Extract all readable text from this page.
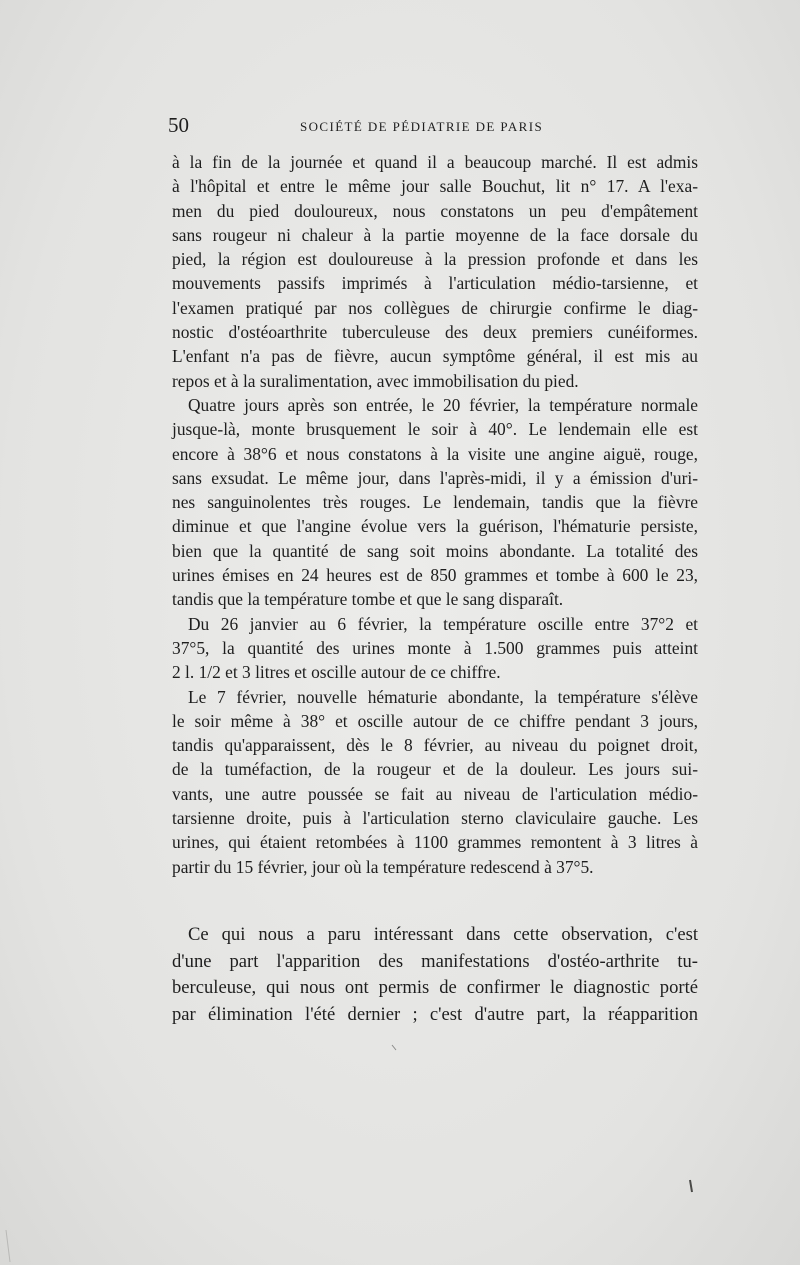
50	SOCIÉTÉ DE PÉDIATRIE DE PARIS
à la fin de la journée et quand il a beaucoup marché. Il est admis
à l'hôpital et entre le même jour salle Bouchut, lit n° 17. A l'exa-
men du pied douloureux, nous constatons un peu d'empâtement
sans rougeur ni chaleur à la partie moyenne de la face dorsale du
pied, la région est douloureuse à la pression profonde et dans les
mouvements passifs imprimés à l'articulation médio-tarsienne, et
l'examen pratiqué par nos collègues de chirurgie confirme le diag-
nostic d'ostéoarthrite tuberculeuse des deux premiers cunéiformes.
L'enfant n'a pas de fièvre, aucun symptôme général, il est mis au
repos et à la suralimentation, avec immobilisation du pied.
Quatre jours après son entrée, le 20 février, la température normale
jusque-là, monte brusquement le soir à 40°. Le lendemain elle est
encore à 38°6 et nous constatons à la visite une angine aiguë, rouge,
sans exsudat. Le même jour, dans l'après-midi, il y a émission d'uri-
nes sanguinolentes très rouges. Le lendemain, tandis que la fièvre
diminue et que l'angine évolue vers la guérison, l'hématurie persiste,
bien que la quantité de sang soit moins abondante. La totalité des
urines émises en 24 heures est de 850 grammes et tombe à 600 le 23,
tandis que la température tombe et que le sang disparaît.
Du 26 janvier au 6 février, la température oscille entre 37°2 et
37°5, la quantité des urines monte à 1.500 grammes puis atteint
2 l. 1/2 et 3 litres et oscille autour de ce chiffre.
Le 7 février, nouvelle hématurie abondante, la température s'élève
le soir même à 38° et oscille autour de ce chiffre pendant 3 jours,
tandis qu'apparaissent, dès le 8 février, au niveau du poignet droit,
de la tuméfaction, de la rougeur et de la douleur. Les jours sui-
vants, une autre poussée se fait au niveau de l'articulation médio-
tarsienne droite, puis à l'articulation sterno claviculaire gauche. Les
urines, qui étaient retombées à 1100 grammes remontent à 3 litres à
partir du 15 février, jour où la température redescend à 37°5.
Ce qui nous a paru intéressant dans cette observation, c'est
d'une part l'apparition des manifestations d'ostéo-arthrite tu-
berculeuse, qui nous ont permis de confirmer le diagnostic porté
par élimination l'été dernier ; c'est d'autre part, la réapparition
